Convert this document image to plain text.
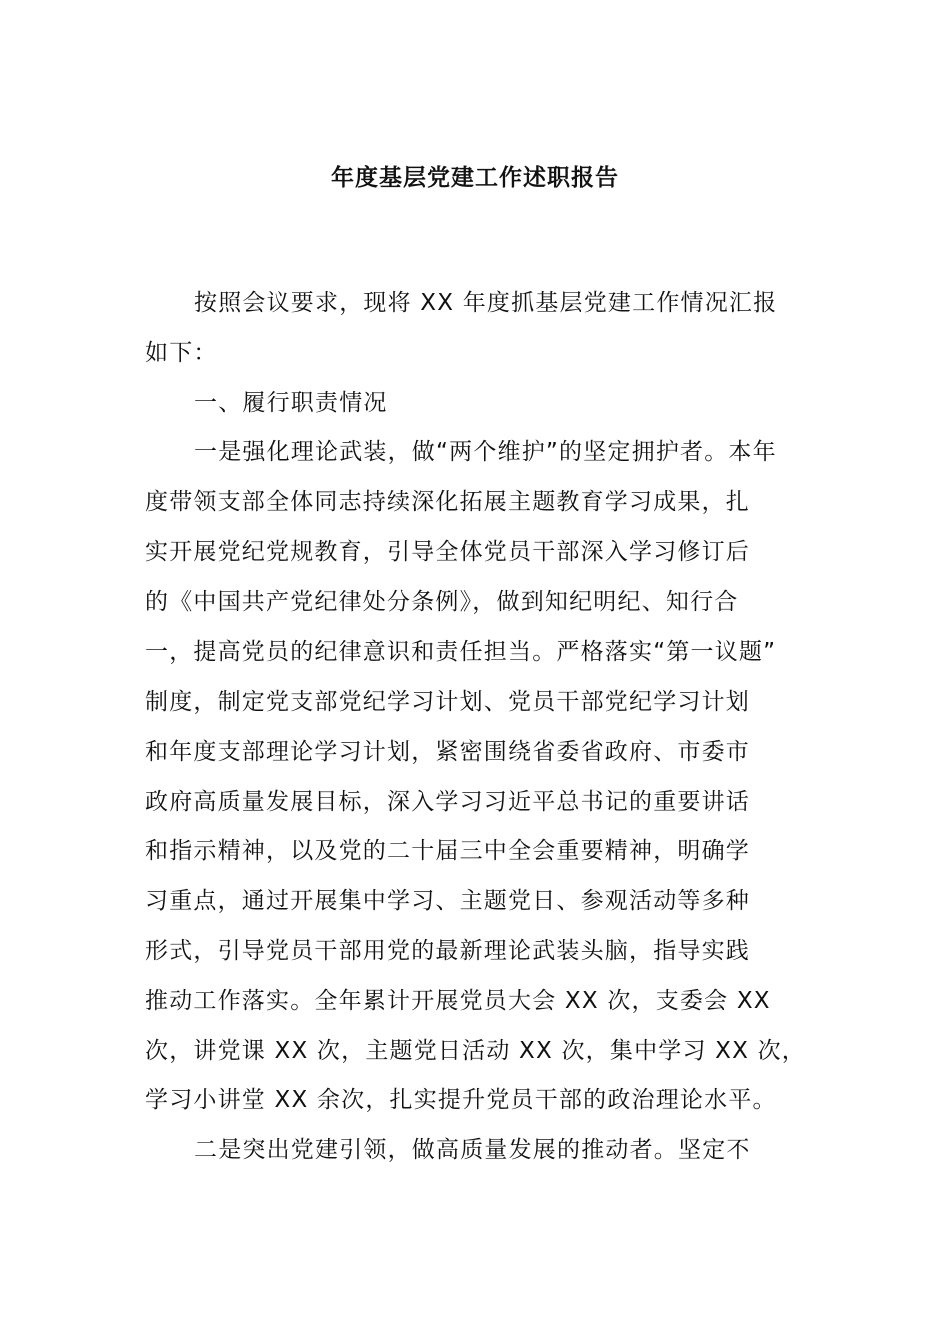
年度基层党建工作述职报告
按照会议要求，现将 XX 年度抓基层党建工作情况汇报
如下：
一、履行职责情况
一是强化理论武装，做“两个维护”的坚定拥护者。本年
度带领支部全体同志持续深化拓展主题教育学习成果，扎
实开展党纪党规教育，引导全体党员干部深入学习修订后
的《中国共产党纪律处分条例》，做到知纪明纪、知行合
一，提高党员的纪律意识和责任担当。严格落实“第一议题”
制度，制定党支部党纪学习计划、党员干部党纪学习计划
和年度支部理论学习计划，紧密围绕省委省政府、市委市
政府高质量发展目标，深入学习习近平总书记的重要讲话
和指示精神，以及党的二十届三中全会重要精神，明确学
习重点，通过开展集中学习、主题党日、参观活动等多种
形式，引导党员干部用党的最新理论武装头脑，指导实践
推动工作落实。全年累计开展党员大会 XX 次，支委会 XX
次，讲党课 XX 次，主题党日活动 XX 次，集中学习 XX 次，
学习小讲堂 XX 余次，扎实提升党员干部的政治理论水平。
二是突出党建引领，做高质量发展的推动者。坚定不
